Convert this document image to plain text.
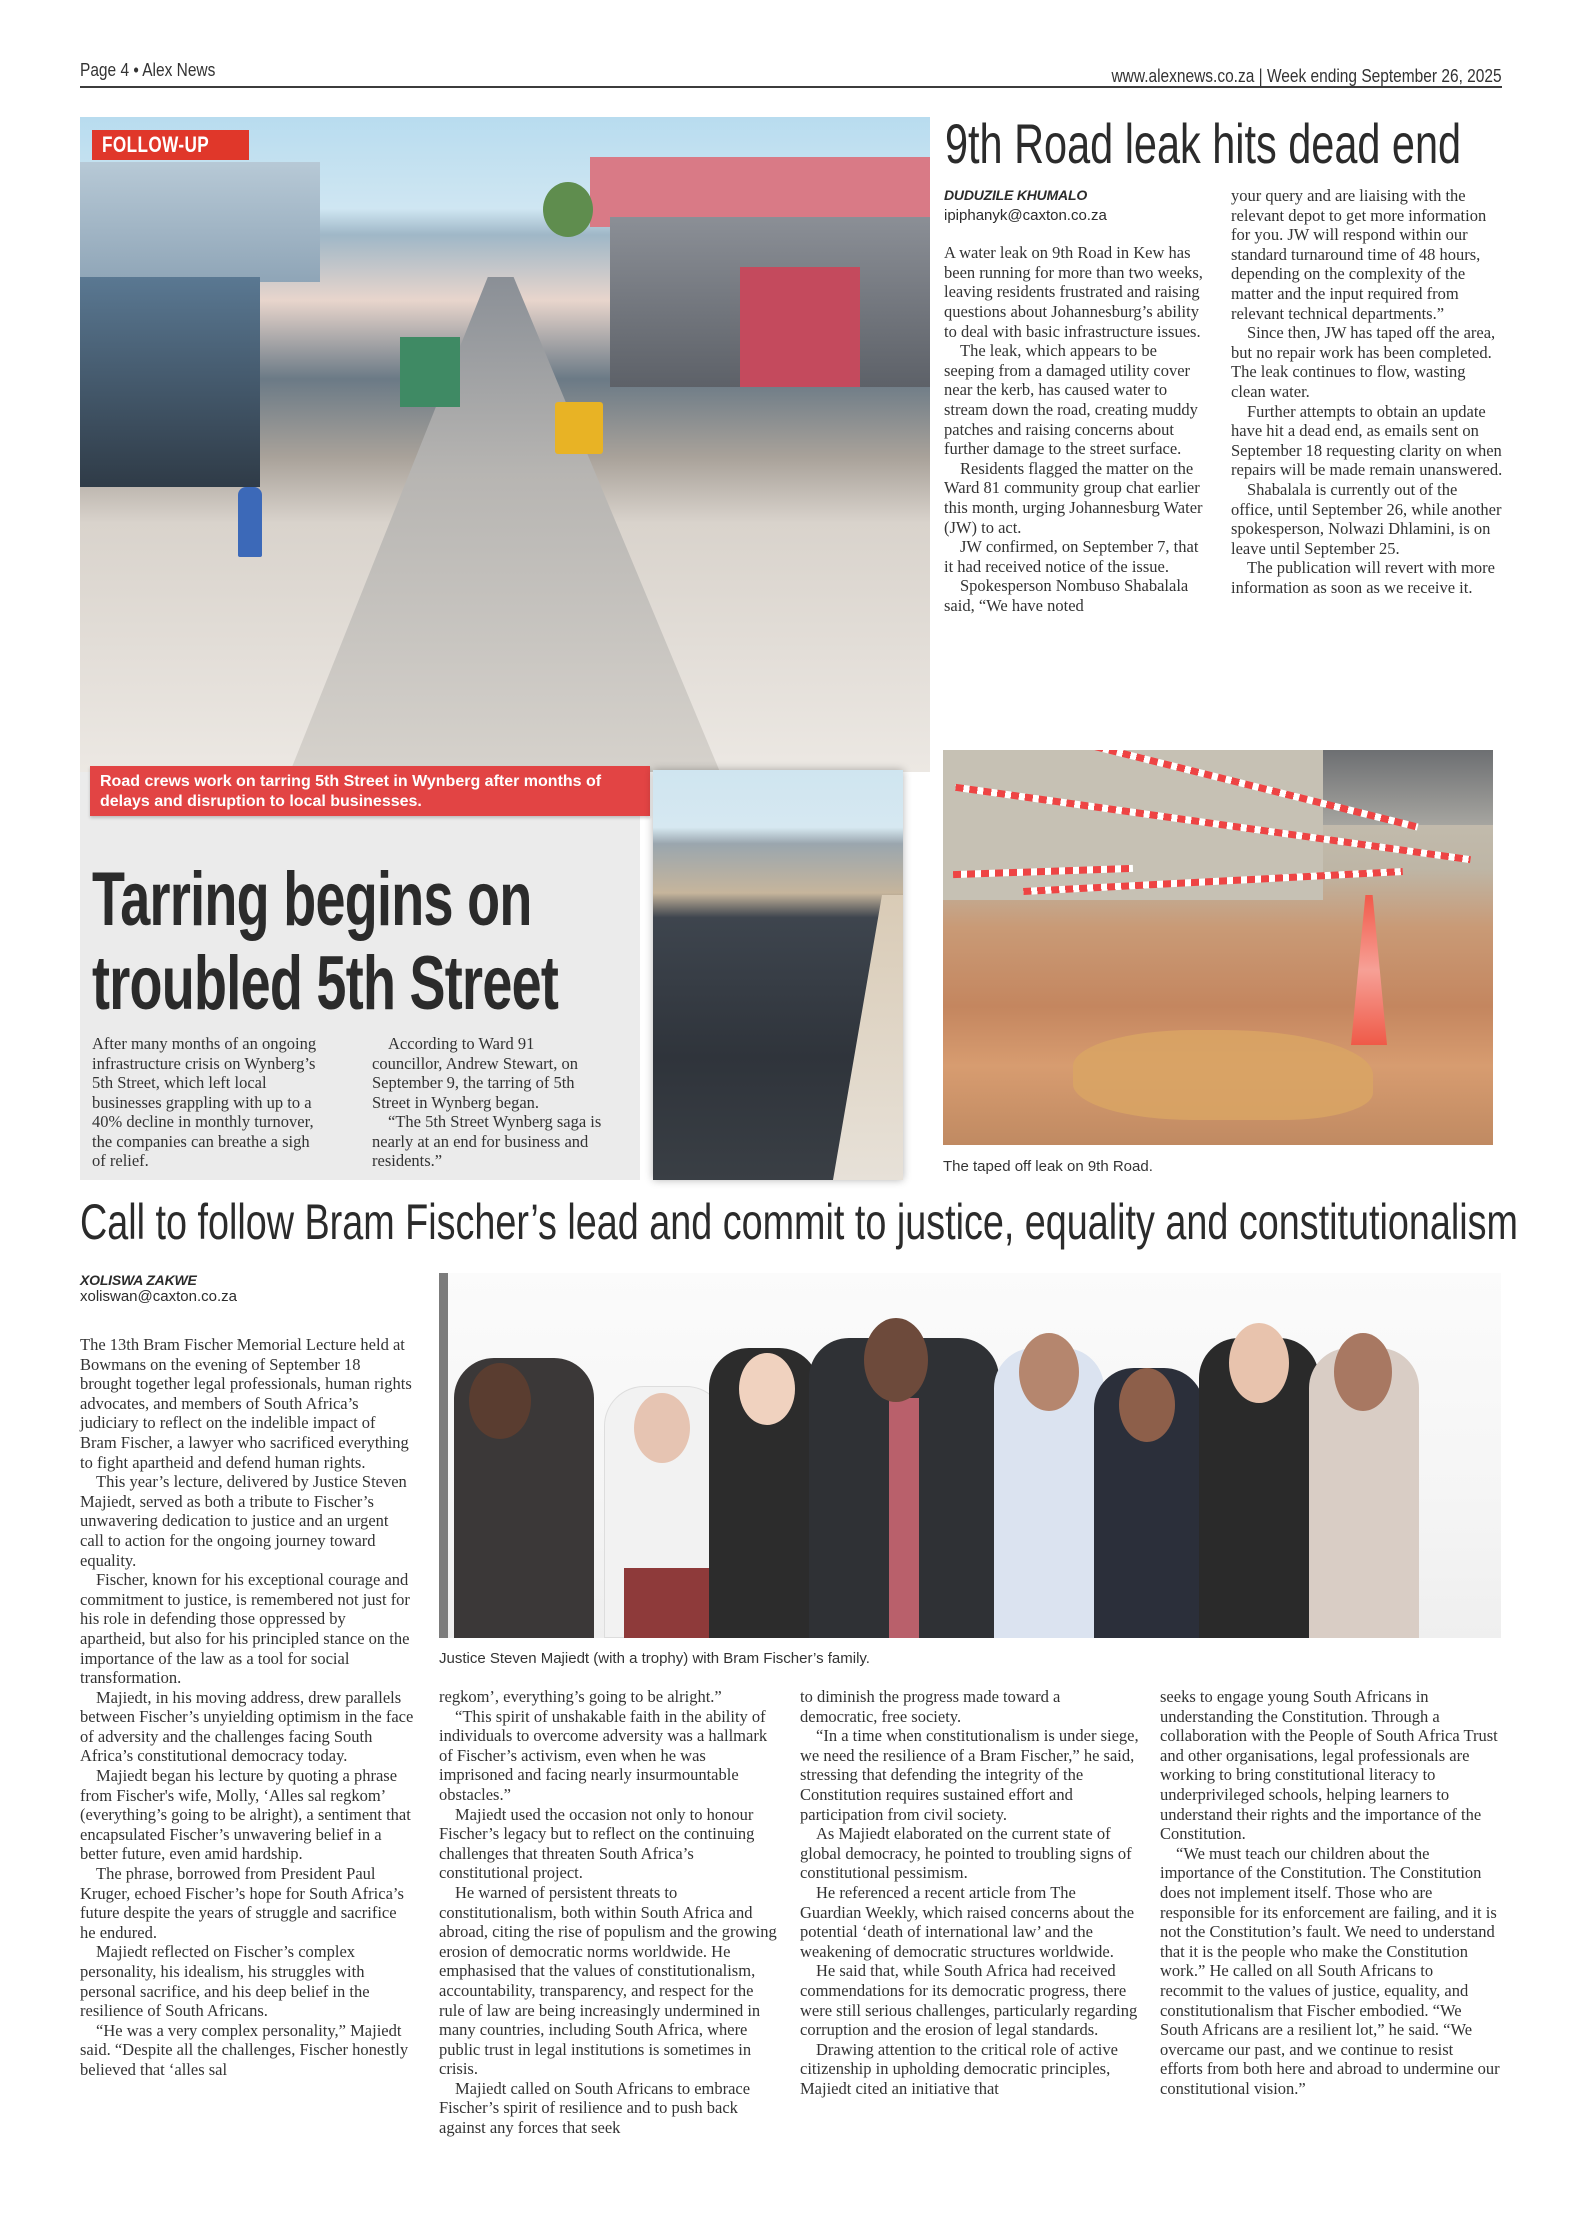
Page 4 • Alex News	www.alexnews.co.za | Week ending September 26, 2025
FOLLOW-UP
Road crews work on tarring 5th Street in Wynberg after months of delays and disruption to local businesses.
Tarring begins on
troubled 5th Street

After many months of an ongoing infrastructure crisis on Wynberg’s 5th Street, which left local businesses grappling with up to a 40% decline in monthly turnover, the companies can breathe a sigh of relief.

According to Ward 91 councillor, Andrew Stewart, on September 9, the tarring of 5th Street in Wynberg began.

“The 5th Street Wynberg saga is nearly at an end for business and residents.”

9th Road leak hits dead end
DUDUZILE KHUMALO
ipiphanyk@caxton.co.za

A water leak on 9th Road in Kew has been running for more than two weeks, leaving residents frustrated and raising questions about Johannesburg’s ability to deal with basic infrastructure issues.

The leak, which appears to be seeping from a damaged utility cover near the kerb, has caused water to stream down the road, creating muddy patches and raising concerns about further damage to the street surface.

Residents flagged the matter on the Ward 81 community group chat earlier this month, urging Johannesburg Water (JW) to act.

JW confirmed, on September 7, that it had received notice of the issue.

Spokesperson Nombuso Shabalala said, “We have noted

your query and are liaising with the relevant depot to get more information for you. JW will respond within our standard turnaround time of 48 hours, depending on the complexity of the matter and the input required from relevant technical departments.”

Since then, JW has taped off the area, but no repair work has been completed. The leak continues to flow, wasting clean water.

Further attempts to obtain an update have hit a dead end, as emails sent on September 18 requesting clarity on when repairs will be made remain unanswered.

Shabalala is currently out of the office, until September 26, while another spokesperson, Nolwazi Dhlamini, is on leave until September 25.

The publication will revert with more information as soon as we receive it.

The taped off leak on 9th Road.
Call to follow Bram Fischer’s lead and commit to justice, equality and constitutionalism
XOLISWA ZAKWE
xoliswan@caxton.co.za

The 13th Bram Fischer Memorial Lecture held at Bowmans on the evening of September 18 brought together legal professionals, human rights advocates, and members of South Africa’s judiciary to reflect on the indelible impact of Bram Fischer, a lawyer who sacrificed everything to fight apartheid and defend human rights.

This year’s lecture, delivered by Justice Steven Majiedt, served as both a tribute to Fischer’s unwavering dedication to justice and an urgent call to action for the ongoing journey toward equality.

Fischer, known for his exceptional courage and commitment to justice, is remembered not just for his role in defending those oppressed by apartheid, but also for his principled stance on the importance of the law as a tool for social transformation.

Majiedt, in his moving address, drew parallels between Fischer’s unyielding optimism in the face of adversity and the challenges facing South Africa’s constitutional democracy today.

Majiedt began his lecture by quoting a phrase from Fischer's wife, Molly, ‘Alles sal regkom’ (everything’s going to be alright), a sentiment that encapsulated Fischer’s unwavering belief in a better future, even amid hardship.

The phrase, borrowed from President Paul Kruger, echoed Fischer’s hope for South Africa’s future despite the years of struggle and sacrifice he endured.

Majiedt reflected on Fischer’s complex personality, his idealism, his struggles with personal sacrifice, and his deep belief in the resilience of South Africans.

“He was a very complex personality,” Majiedt said. “Despite all the challenges, Fischer honestly believed that ‘alles sal

Justice Steven Majiedt (with a trophy) with Bram Fischer’s family.

regkom’, everything’s going to be alright.”

“This spirit of unshakable faith in the ability of individuals to overcome adversity was a hallmark of Fischer’s activism, even when he was imprisoned and facing nearly insurmountable obstacles.”

Majiedt used the occasion not only to honour Fischer’s legacy but to reflect on the continuing challenges that threaten South Africa’s constitutional project.

He warned of persistent threats to constitutionalism, both within South Africa and abroad, citing the rise of populism and the growing erosion of democratic norms worldwide. He emphasised that the values of constitutionalism, accountability, transparency, and respect for the rule of law are being increasingly undermined in many countries, including South Africa, where public trust in legal institutions is sometimes in crisis.

Majiedt called on South Africans to embrace Fischer’s spirit of resilience and to push back against any forces that seek

to diminish the progress made toward a democratic, free society.

“In a time when constitutionalism is under siege, we need the resilience of a Bram Fischer,” he said, stressing that defending the integrity of the Constitution requires sustained effort and participation from civil society.

As Majiedt elaborated on the current state of global democracy, he pointed to troubling signs of constitutional pessimism.

He referenced a recent article from The Guardian Weekly, which raised concerns about the potential ‘death of international law’ and the weakening of democratic structures worldwide.

He said that, while South Africa had received commendations for its democratic progress, there were still serious challenges, particularly regarding corruption and the erosion of legal standards.

Drawing attention to the critical role of active citizenship in upholding democratic principles, Majiedt cited an initiative that

seeks to engage young South Africans in understanding the Constitution. Through a collaboration with the People of South Africa Trust and other organisations, legal professionals are working to bring constitutional literacy to underprivileged schools, helping learners to understand their rights and the importance of the Constitution.

“We must teach our children about the importance of the Constitution. The Constitution does not implement itself. Those who are responsible for its enforcement are failing, and it is not the Constitution’s fault. We need to understand that it is the people who make the Constitution work.” He called on all South Africans to recommit to the values of justice, equality, and constitutionalism that Fischer embodied. “We South Africans are a resilient lot,” he said. “We overcame our past, and we continue to resist efforts from both here and abroad to undermine our constitutional vision.”
